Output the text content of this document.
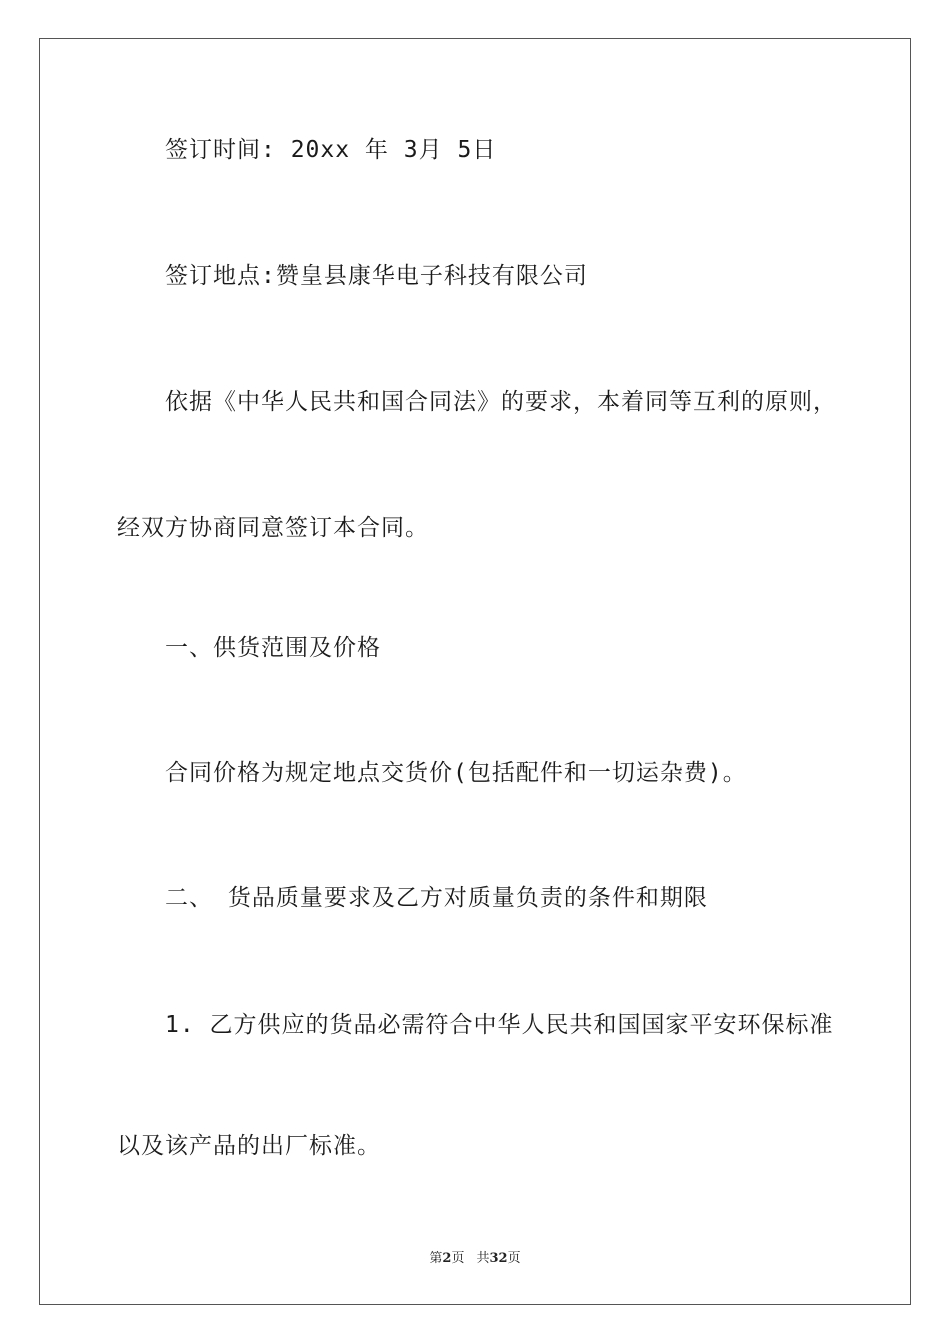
签订时间: 20xx 年 3月 5日
签订地点:赞皇县康华电子科技有限公司
依据《中华人民共和国合同法》的要求，本着同等互利的原则，
经双方协商同意签订本合同。
一、供货范围及价格
合同价格为规定地点交货价(包括配件和一切运杂费)。
二、 货品质量要求及乙方对质量负责的条件和期限
1. 乙方供应的货品必需符合中华人民共和国国家平安环保标准
以及该产品的出厂标准。
第2页 共32页
